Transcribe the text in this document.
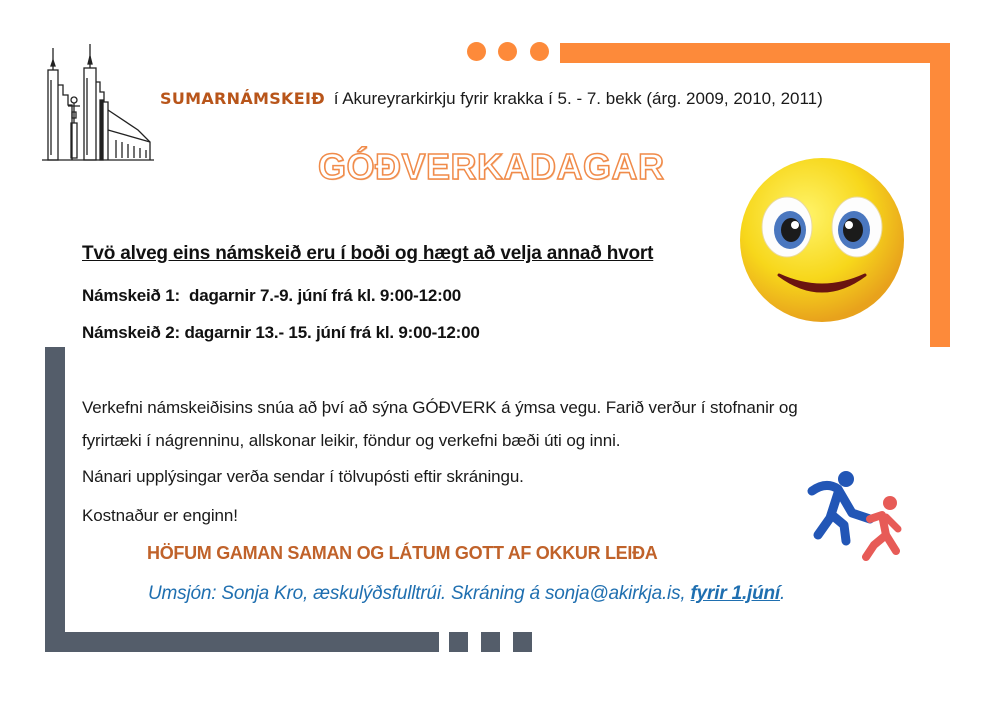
SUMARNÁMSKEIÐ í Akureyrarkirkju fyrir krakka í 5. - 7. bekk (árg. 2009, 2010, 2011)
GÓÐVERKADAGAR
Tvö alveg eins námskeið eru í boði og hægt að velja annað hvort
Námskeið 1:  dagarnir 7.-9. júní frá kl. 9:00-12:00
Námskeið 2: dagarnir 13.- 15. júní frá kl. 9:00-12:00
Verkefni námskeiðisins snúa að því að sýna GÓÐVERK á ýmsa vegu. Farið verður í stofnanir og
fyrirtæki í nágrenninu, allskonar leikir, föndur og verkefni bæði úti og inni.
Nánari upplýsingar verða sendar í tölvupósti eftir skráningu.
Kostnaður er enginn!
HÖFUM GAMAN SAMAN OG LÁTUM GOTT AF OKKUR LEIÐA
Umsjón: Sonja Kro, æskulýðsfulltrúi. Skráning á sonja@akirkja.is, fyrir 1.júní.
